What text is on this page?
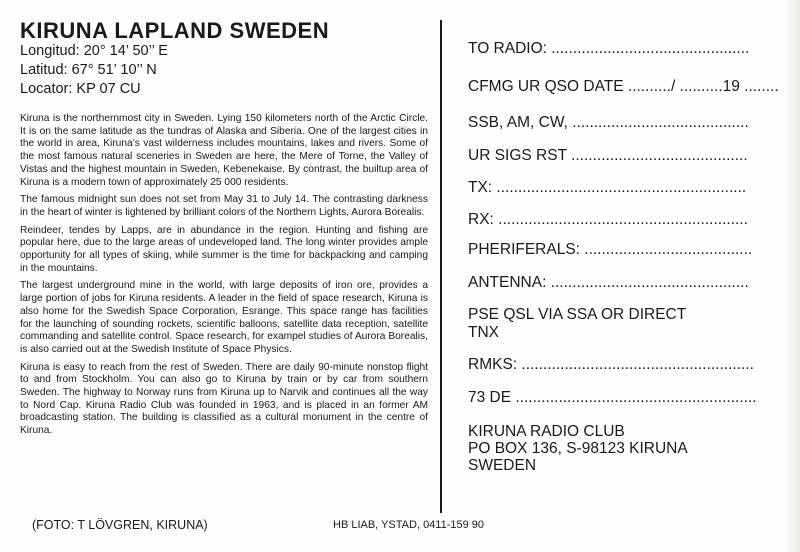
KIRUNA LAPLAND SWEDEN
Longitud: 20° 14’ 50’’ E
Latitud: 67° 51’ 10’’ N
Locator: KP 07 CU

Kiruna is the northernmost city in Sweden. Lying 150 kilometers north of the Arctic Circle. It is on the same latitude as the tundras of Alaska and Siberia. One of the largest cities in the world in area, Kiruna’s vast wilderness includes mountains, lakes and rivers. Some of the most famous natural sceneries in Sweden are here, the Mere of Torne, the Valley of Vistas and the highest mountain in Sweden, Kebenekaise. By contrast, the builtup area of Kiruna is a modern town of approximately 25 000 residents.

The famous midnight sun does not set from May 31 to July 14. The contrasting darkness in the heart of winter is lightened by brilliant colors of the Northern Lights, Aurora Borealis.

Reindeer, tendes by Lapps, are in abundance in the region. Hunting and fishing are popular here, due to the large areas of undeveloped land. The long winter provides ample opportunity for all types of skiing, while summer is the time for backpacking and camping in the mountains.

The largest underground mine in the world, with large deposits of iron ore, provides a large portion of jobs for Kiruna residents. A leader in the field of space research, Kiruna is also home for the Swedish Space Corporation, Esrange. This space range has facilities for the launching of sounding rockets, scientific balloons, satellite data reception, satellite commanding and satellite control. Space research, for exampel studies of Aurora Borealis, is also carried out at the Swedish Institute of Space Physics.

Kiruna is easy to reach from the rest of Sweden. There are daily 90-minute nonstop flight to and from Stockholm. You can also go to Kiruna by train or by car from southern Sweden. The highway to Norway runs from Kiruna up to Narvik and continues all the way to Nord Cap. Kiruna Radio Club was founded in 1963, and is placed in an former AM broadcasting station. The building is classified as a cultural monument in the centre of Kiruna.

TO RADIO: ..............................................
CFMG UR QSO DATE ........../ ..........19 ........
SSB, AM, CW, .........................................
UR SIGS RST .........................................
TX: ..........................................................
RX: ..........................................................
PHERIFERALS: .......................................
ANTENNA: ..............................................
PSE QSL VIA SSA OR DIRECT
TNX
RMKS: ......................................................
73 DE ........................................................
KIRUNA RADIO CLUB
PO BOX 136, S-98123 KIRUNA
SWEDEN
(FOTO: T LÖVGREN, KIRUNA)	HB LIAB, YSTAD, 0411-159 90
